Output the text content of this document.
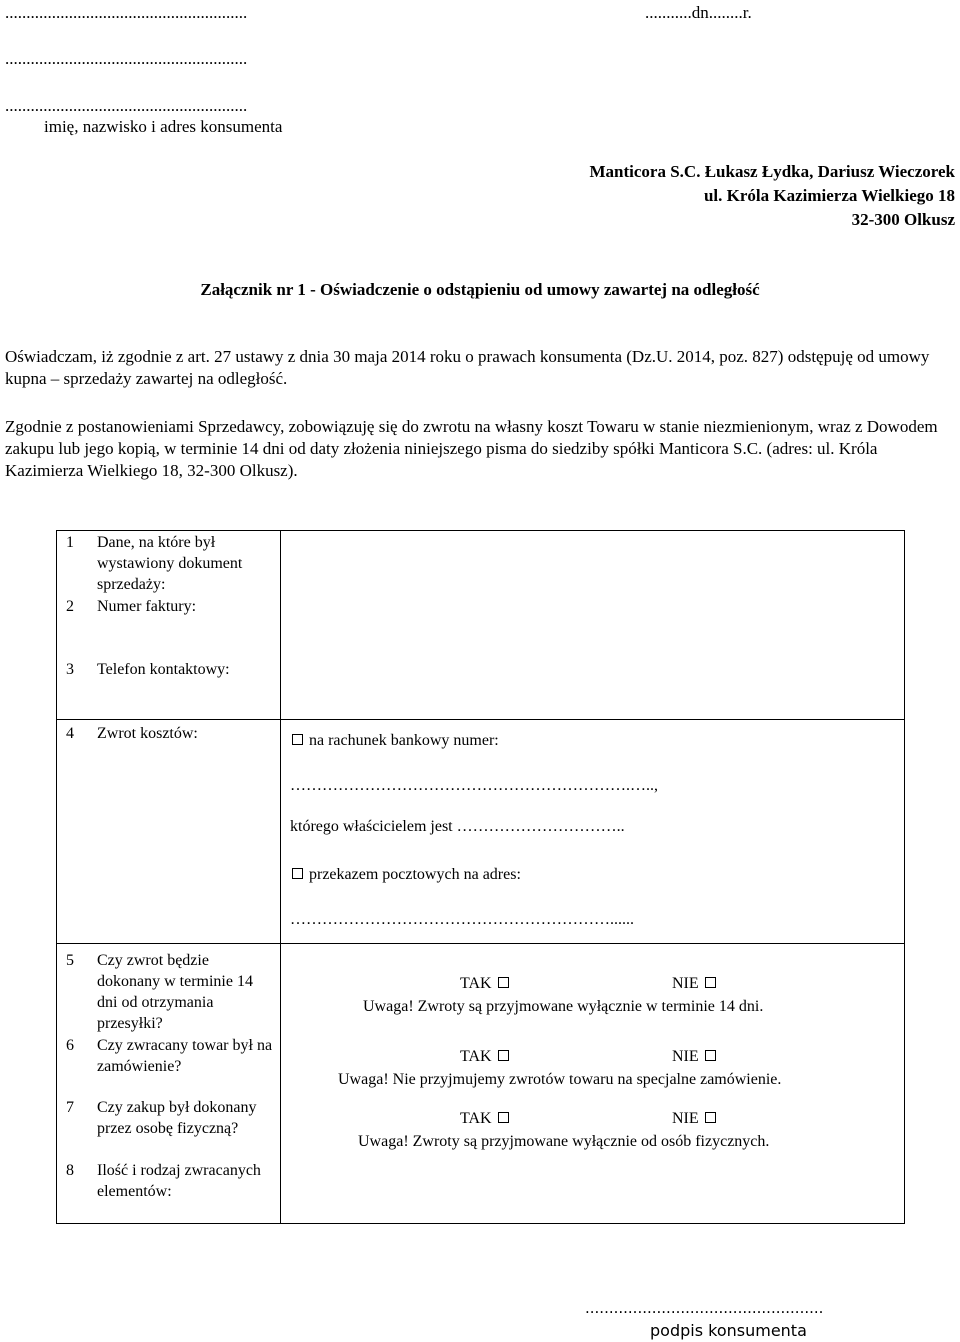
.........................................................	...........dn........r.
.........................................................
.........................................................
imię, nazwisko i adres konsumenta
Manticora S.C. Łukasz Łydka, Dariusz Wieczorek
ul. Króla Kazimierza Wielkiego 18
32-300 Olkusz
Załącznik nr 1 - Oświadczenie o odstąpieniu od umowy zawartej na odległość
Oświadczam, iż zgodnie z art. 27 ustawy z dnia 30 maja 2014 roku o prawach konsumenta (Dz.U. 2014, poz. 827) odstępuję od umowy kupna – sprzedaży zawartej na odległość.
Zgodnie z postanowieniami Sprzedawcy, zobowiązuję się do zwrotu na własny koszt Towaru w stanie niezmienionym, wraz z Dowodem zakupu lub jego kopią, w terminie 14 dni od daty złożenia niniejszego pisma do siedziby spółki Manticora S.C. (adres: ul. Króla Kazimierza Wielkiego 18, 32-300 Olkusz).
1 Dane, na które był wystawiony dokument sprzedaży:
2 Numer faktury:
3 Telefon kontaktowy:
4 Zwrot kosztów:	na rachunek bankowy numer:
……………………………………………………….…..,
którego właścicielem jest …………………………..
przekazem pocztowych na adres:
……………………………………………………......
5 Czy zwrot będzie dokonany w terminie 14 dni od otrzymania przesyłki?
TAK	NIE
Uwaga! Zwroty są przyjmowane wyłącznie w terminie 14 dni.
6 Czy zwracany towar był na zamówienie?
TAK	NIE
Uwaga! Nie przyjmujemy zwrotów towaru na specjalne zamówienie.
7 Czy zakup był dokonany przez osobę fizyczną?
TAK	NIE
Uwaga! Zwroty są przyjmowane wyłącznie od osób fizycznych.
8 Ilość i rodzaj zwracanych elementów:
..................................................
podpis konsumenta
